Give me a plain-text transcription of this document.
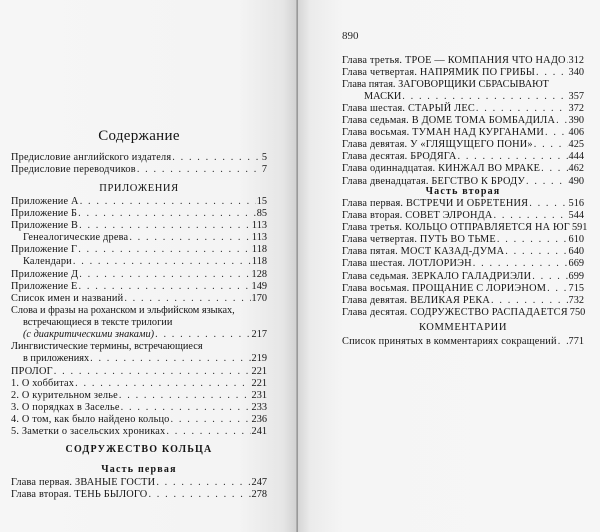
Содержание
Предисловие английского издателя . . .	5
Предисловие переводчиков . . .	7
ПРИЛОЖЕНИЯ
Приложение А . . .	15
Приложение Б . . .	85
Приложение В . . .	113
Генеалогические древа . . .	113
Приложение Г . . .	118
Календари . . .	118
Приложение Д . . .	128
Приложение Е . . .	149
Список имен и названий . . .	170
Слова и фразы на роханском и эльфийском языках,
встречающиеся в тексте трилогии
(с диакритическими знаками) . . .	217
Лингвистические термины, встречающиеся
в приложениях . . .	219
ПРОЛОГ . . .	221
1. О хоббитах . . .	221
2. О курительном зелье . . .	231
3. О порядках в Заселье . . .	233
4. О том, как было найдено кольцо . . .	236
5. Заметки о засельских хрониках . . .	241
СОДРУЖЕСТВО КОЛЬЦА
Часть первая
Глава первая. ЗВАНЫЕ ГОСТИ . . .	247
Глава вторая. ТЕНЬ БЫЛОГО . . .	278
890
Глава третья. ТРОЕ — КОМПАНИЯ ЧТО НАДО . . . 312
Глава четвертая. НАПРЯМИК ПО ГРИБЫ . . .	340
Глава пятая. ЗАГОВОРЩИКИ СБРАСЫВАЮТ
МАСКИ . . .	357
Глава шестая. СТАРЫЙ ЛЕС . . .	372
Глава седьмая. В ДОМЕ ТОМА БОМБАДИЛА . . . 390
Глава восьмая. ТУМАН НАД КУРГАНАМИ . . . 406
Глава девятая. У «ГЛЯЩУЩЕГО ПОНИ» . . .	425
Глава десятая. БРОДЯГА . . .	444
Глава одиннадцатая. КИНЖАЛ ВО МРАКЕ . . .	462
Глава двенадцатая. БЕГСТВО К БРОДУ . . .	490
Часть вторая
Глава первая. ВСТРЕЧИ И ОБРЕТЕНИЯ . . .	516
Глава вторая. СОВЕТ ЭЛРОНДА . . .	544
Глава третья. КОЛЬЦО ОТПРАВЛЯЕТСЯ НА ЮГ 591
Глава четвертая. ПУТЬ ВО ТЬМЕ . . .	610
Глава пятая. МОСТ КАЗАД-ДУМА . . .	640
Глава шестая. ЛОТЛОРИЭН . . .	669
Глава седьмая. ЗЕРКАЛО ГАЛАДРИЭЛИ . . .	699
Глава восьмая. ПРОЩАНИЕ С ЛОРИЭНОМ . . . 715
Глава девятая. ВЕЛИКАЯ РЕКА . . .	732
Глава десятая. СОДРУЖЕСТВО РАСПАДАЕТСЯ 750
КОММЕНТАРИИ
Список принятых в комментариях сокращений . . . 771
